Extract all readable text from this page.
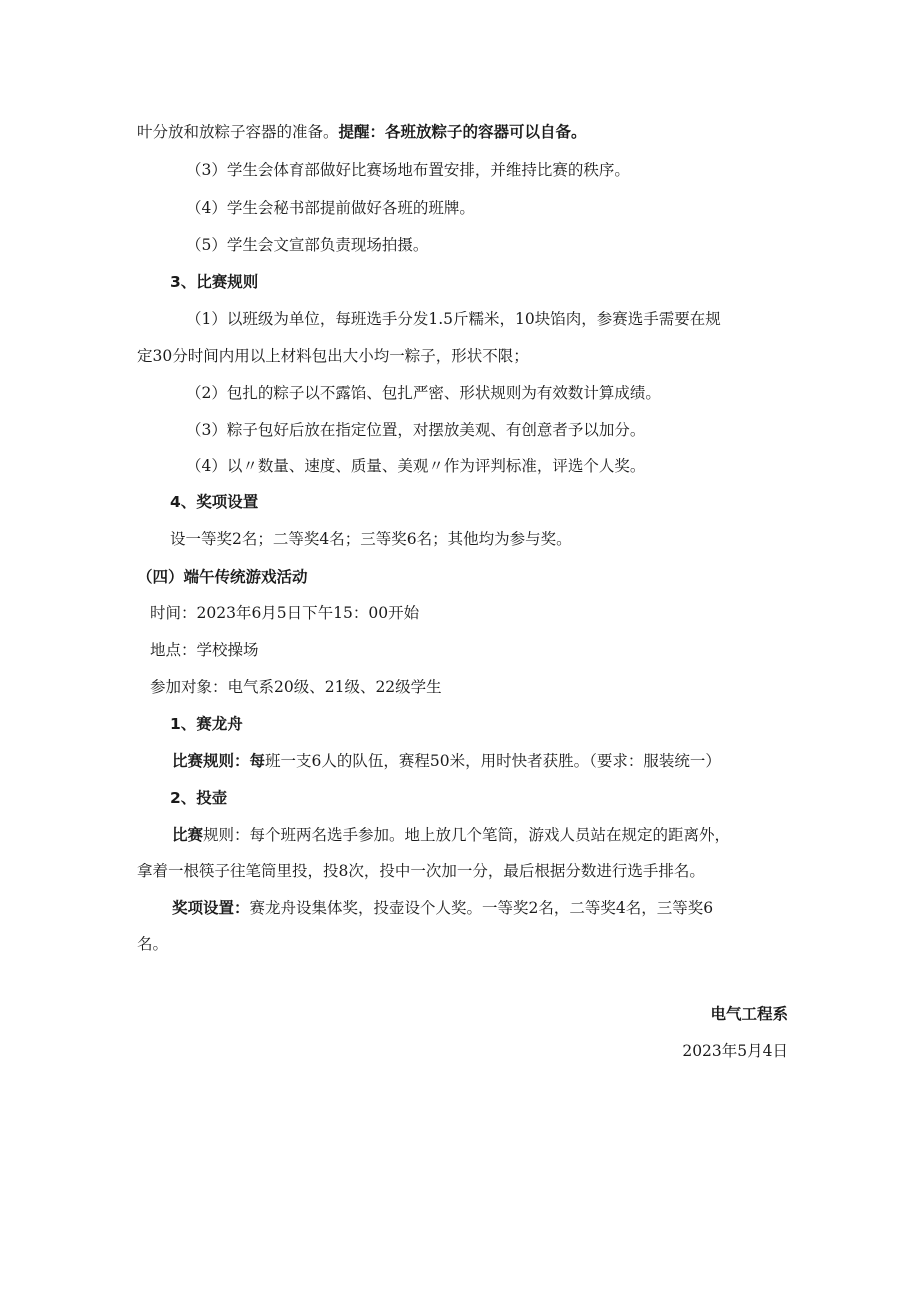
叶分放和放粽子容器的准备。提醒：各班放粽子的容器可以自备。
（3）学生会体育部做好比赛场地布置安排，并维持比赛的秩序。
（4）学生会秘书部提前做好各班的班牌。
（5）学生会文宣部负责现场拍摄。
3、比赛规则
（1）以班级为单位，每班选手分发1.5斤糯米，10块馅肉，参赛选手需要在规
定30分时间内用以上材料包出大小均一粽子，形状不限；
（2）包扎的粽子以不露馅、包扎严密、形状规则为有效数计算成绩。
（3）粽子包好后放在指定位置，对摆放美观、有创意者予以加分。
（4）以〃数量、速度、质量、美观〃作为评判标准，评选个人奖。
4、奖项设置
设一等奖2名；二等奖4名；三等奖6名；其他均为参与奖。
（四）端午传统游戏活动
时间：2023年6月5日下午15：00开始
地点：学校操场
参加对象：电气系20级、21级、22级学生
1、赛龙舟
比赛规则：每班一支6人的队伍，赛程50米，用时快者获胜。（要求：服装统一）
2、投壶
比赛规则：每个班两名选手参加。地上放几个笔筒，游戏人员站在规定的距离外，
拿着一根筷子往笔筒里投，投8次，投中一次加一分，最后根据分数进行选手排名。
奖项设置：赛龙舟设集体奖，投壶设个人奖。一等奖2名，二等奖4名，三等奖6
名。
电气工程系
2023年5月4日
